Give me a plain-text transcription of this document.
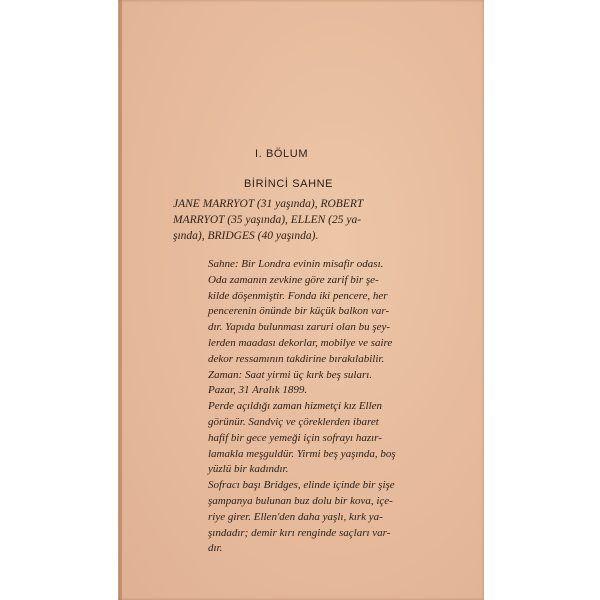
I. BÖLUM
BİRİNCİ SAHNE
JANE MARRYOT (31 yaşında), ROBERT
MARRYOT (35 yaşında), ELLEN (25 ya-
şında), BRIDGES (40 yaşında).
Sahne: Bir Londra evinin misafir odası.
Oda zamanın zevkine göre zarif bir şe-
kilde döşenmiştir. Fonda iki pencere, her
pencerenin önünde bir küçük balkon var-
dır. Yapıda bulunması zaruri olan bu şey-
lerden maadası dekorlar, mobilye ve saire
dekor ressamının takdirine bırakılabilir.
Zaman: Saat yirmi üç kırk beş suları.
Pazar, 31 Aralık 1899.
Perde açıldığı zaman hizmetçi kız Ellen
görünür. Sandviç ve çöreklerden ibaret
hafif bir gece yemeği için sofrayı hazır-
lamakla meşguldür. Yirmi beş yaşında, boş
yüzlü bir kadındır.
Sofracı başı Bridges, elinde içinde bir şişe
şampanya bulunan buz dolu bir kova, içe-
riye girer. Ellen'den daha yaşlı, kırk ya-
şındadır; demir kırı renginde saçları var-
dır.
